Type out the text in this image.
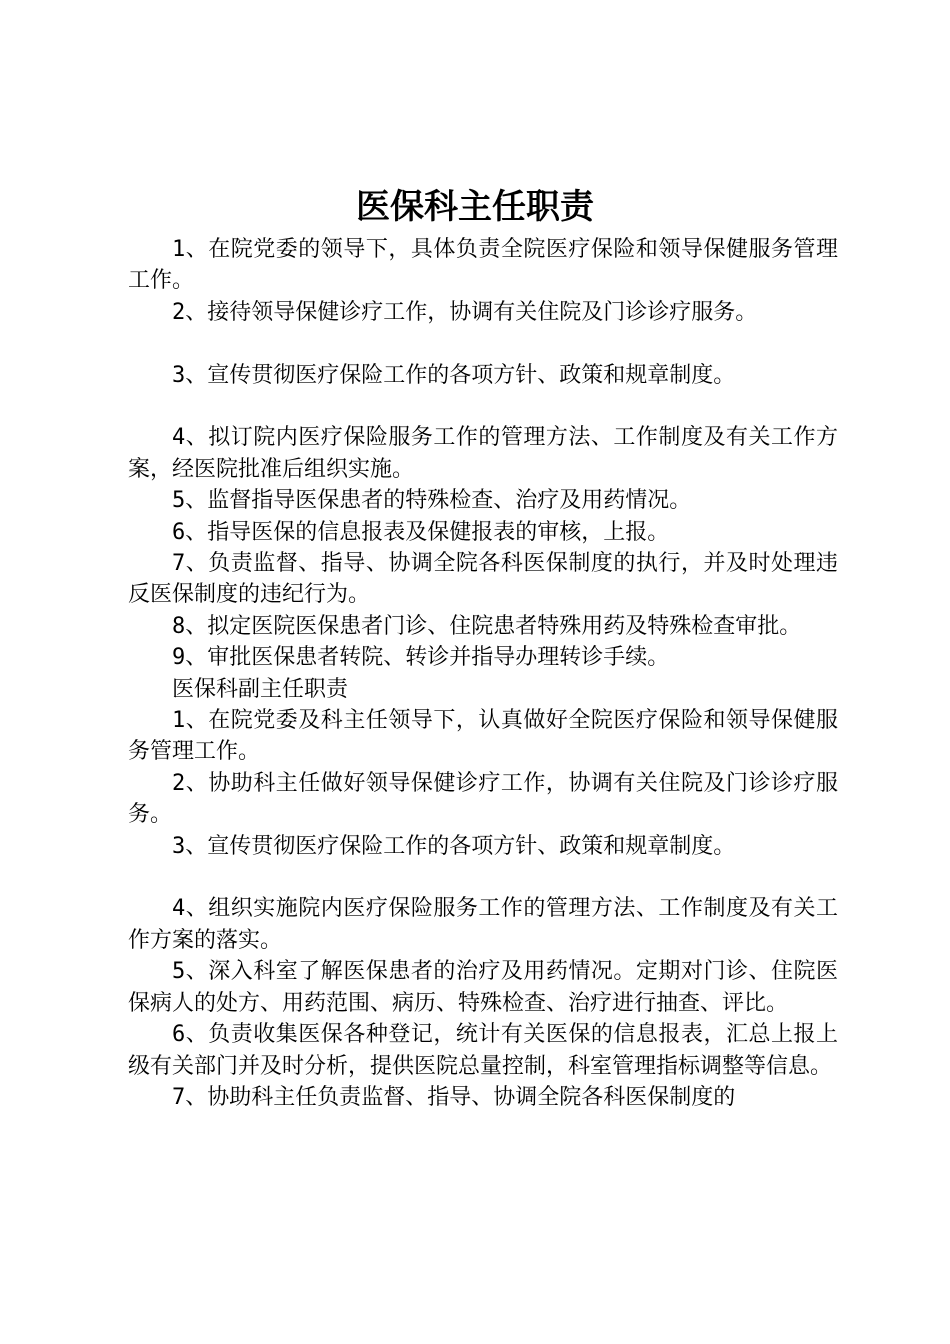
医保科主任职责

1、在院党委的领导下，具体负责全院医疗保险和领导保健服务管理工作。

2、接待领导保健诊疗工作，协调有关住院及门诊诊疗服务。

3、宣传贯彻医疗保险工作的各项方针、政策和规章制度。

4、拟订院内医疗保险服务工作的管理方法、工作制度及有关工作方案，经医院批准后组织实施。

5、监督指导医保患者的特殊检查、治疗及用药情况。

6、指导医保的信息报表及保健报表的审核，上报。

7、负责监督、指导、协调全院各科医保制度的执行，并及时处理违反医保制度的违纪行为。

8、拟定医院医保患者门诊、住院患者特殊用药及特殊检查审批。

9、审批医保患者转院、转诊并指导办理转诊手续。

医保科副主任职责

1、在院党委及科主任领导下，认真做好全院医疗保险和领导保健服务管理工作。

2、协助科主任做好领导保健诊疗工作，协调有关住院及门诊诊疗服务。

3、宣传贯彻医疗保险工作的各项方针、政策和规章制度。

4、组织实施院内医疗保险服务工作的管理方法、工作制度及有关工作方案的落实。

5、深入科室了解医保患者的治疗及用药情况。定期对门诊、住院医保病人的处方、用药范围、病历、特殊检查、治疗进行抽查、评比。

6、负责收集医保各种登记，统计有关医保的信息报表，汇总上报上级有关部门并及时分析，提供医院总量控制，科室管理指标调整等信息。

7、协助科主任负责监督、指导、协调全院各科医保制度的
